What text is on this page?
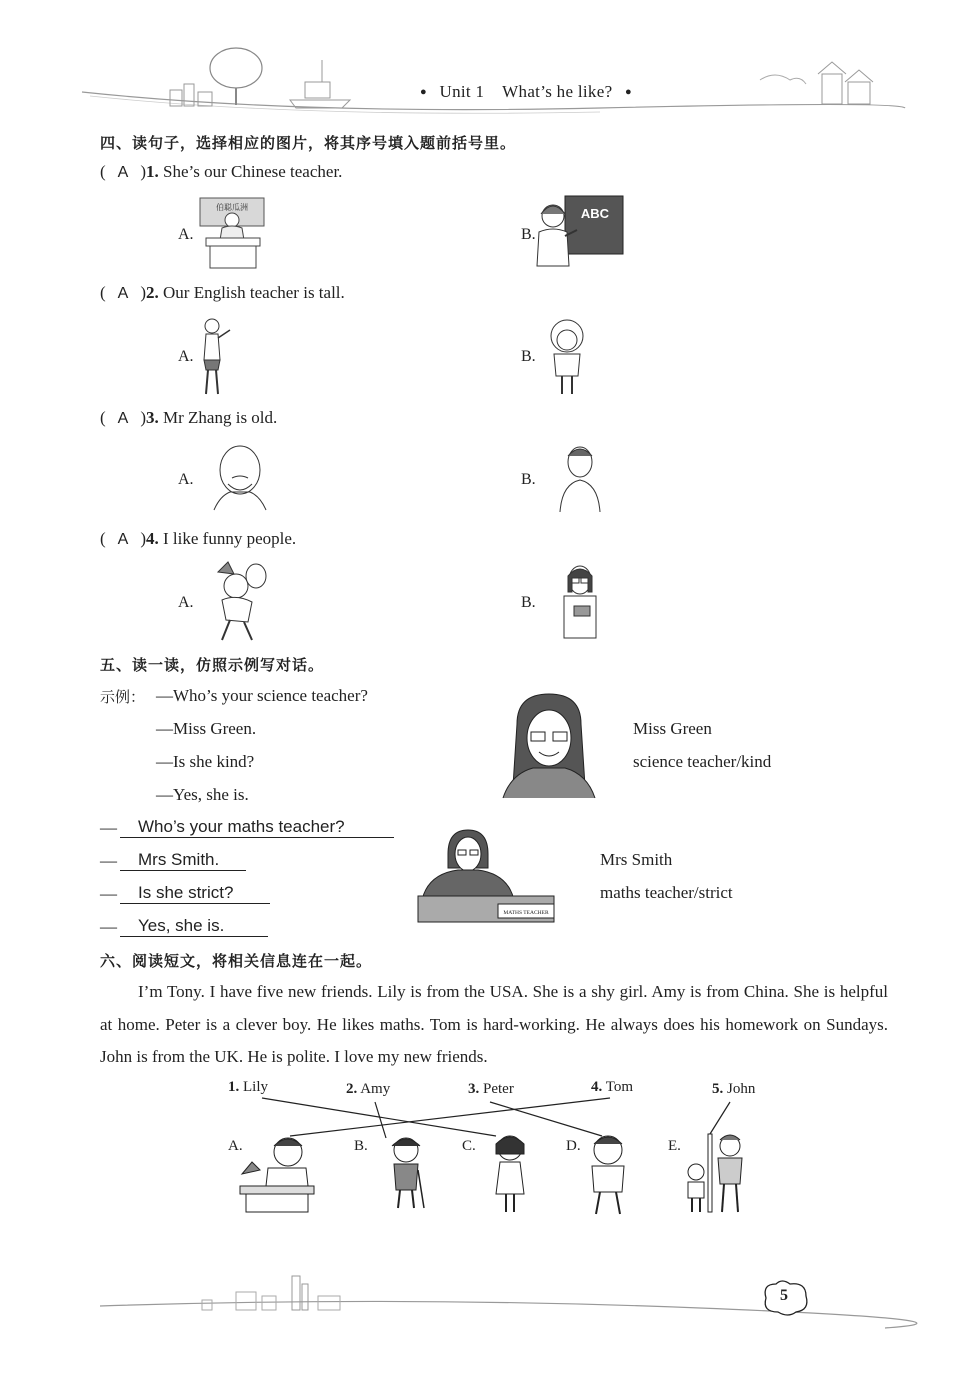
● Unit 1    What’s he like? ●
四、读句子，选择相应的图片，将其序号填入题前括号里。
( A )1. She’s our Chinese teacher.
A.
伯聪瓜洲
B.
ABC
( A )2. Our English teacher is tall.
A.	B.
( A )3. Mr Zhang is old.
A.	B.
( A )4. I like funny people.
A.	B.
五、读一读，仿照示例写对话。
示例： —Who’s your science teacher?
—Miss Green.
—Is she kind?
—Yes, she is.
Miss Green
science teacher/kind
—	Who’s your maths teacher?
—	Mrs Smith.
—	Is she strict?
—	Yes, she is.
MATHS TEACHER
Mrs Smith
maths teacher/strict
六、阅读短文，将相关信息连在一起。
I’m Tony. I have five new friends. Lily is from the USA. She is a shy girl. Amy is from China. She is helpful at home. Peter is a clever boy. He likes maths. Tom is hard-working. He always does his homework on Sundays. John is from the UK. He is polite. I love my new friends.
1. Lily	2. Amy	3. Peter	4. Tom	5. John
A.	B.	C.	D.	E.
5
